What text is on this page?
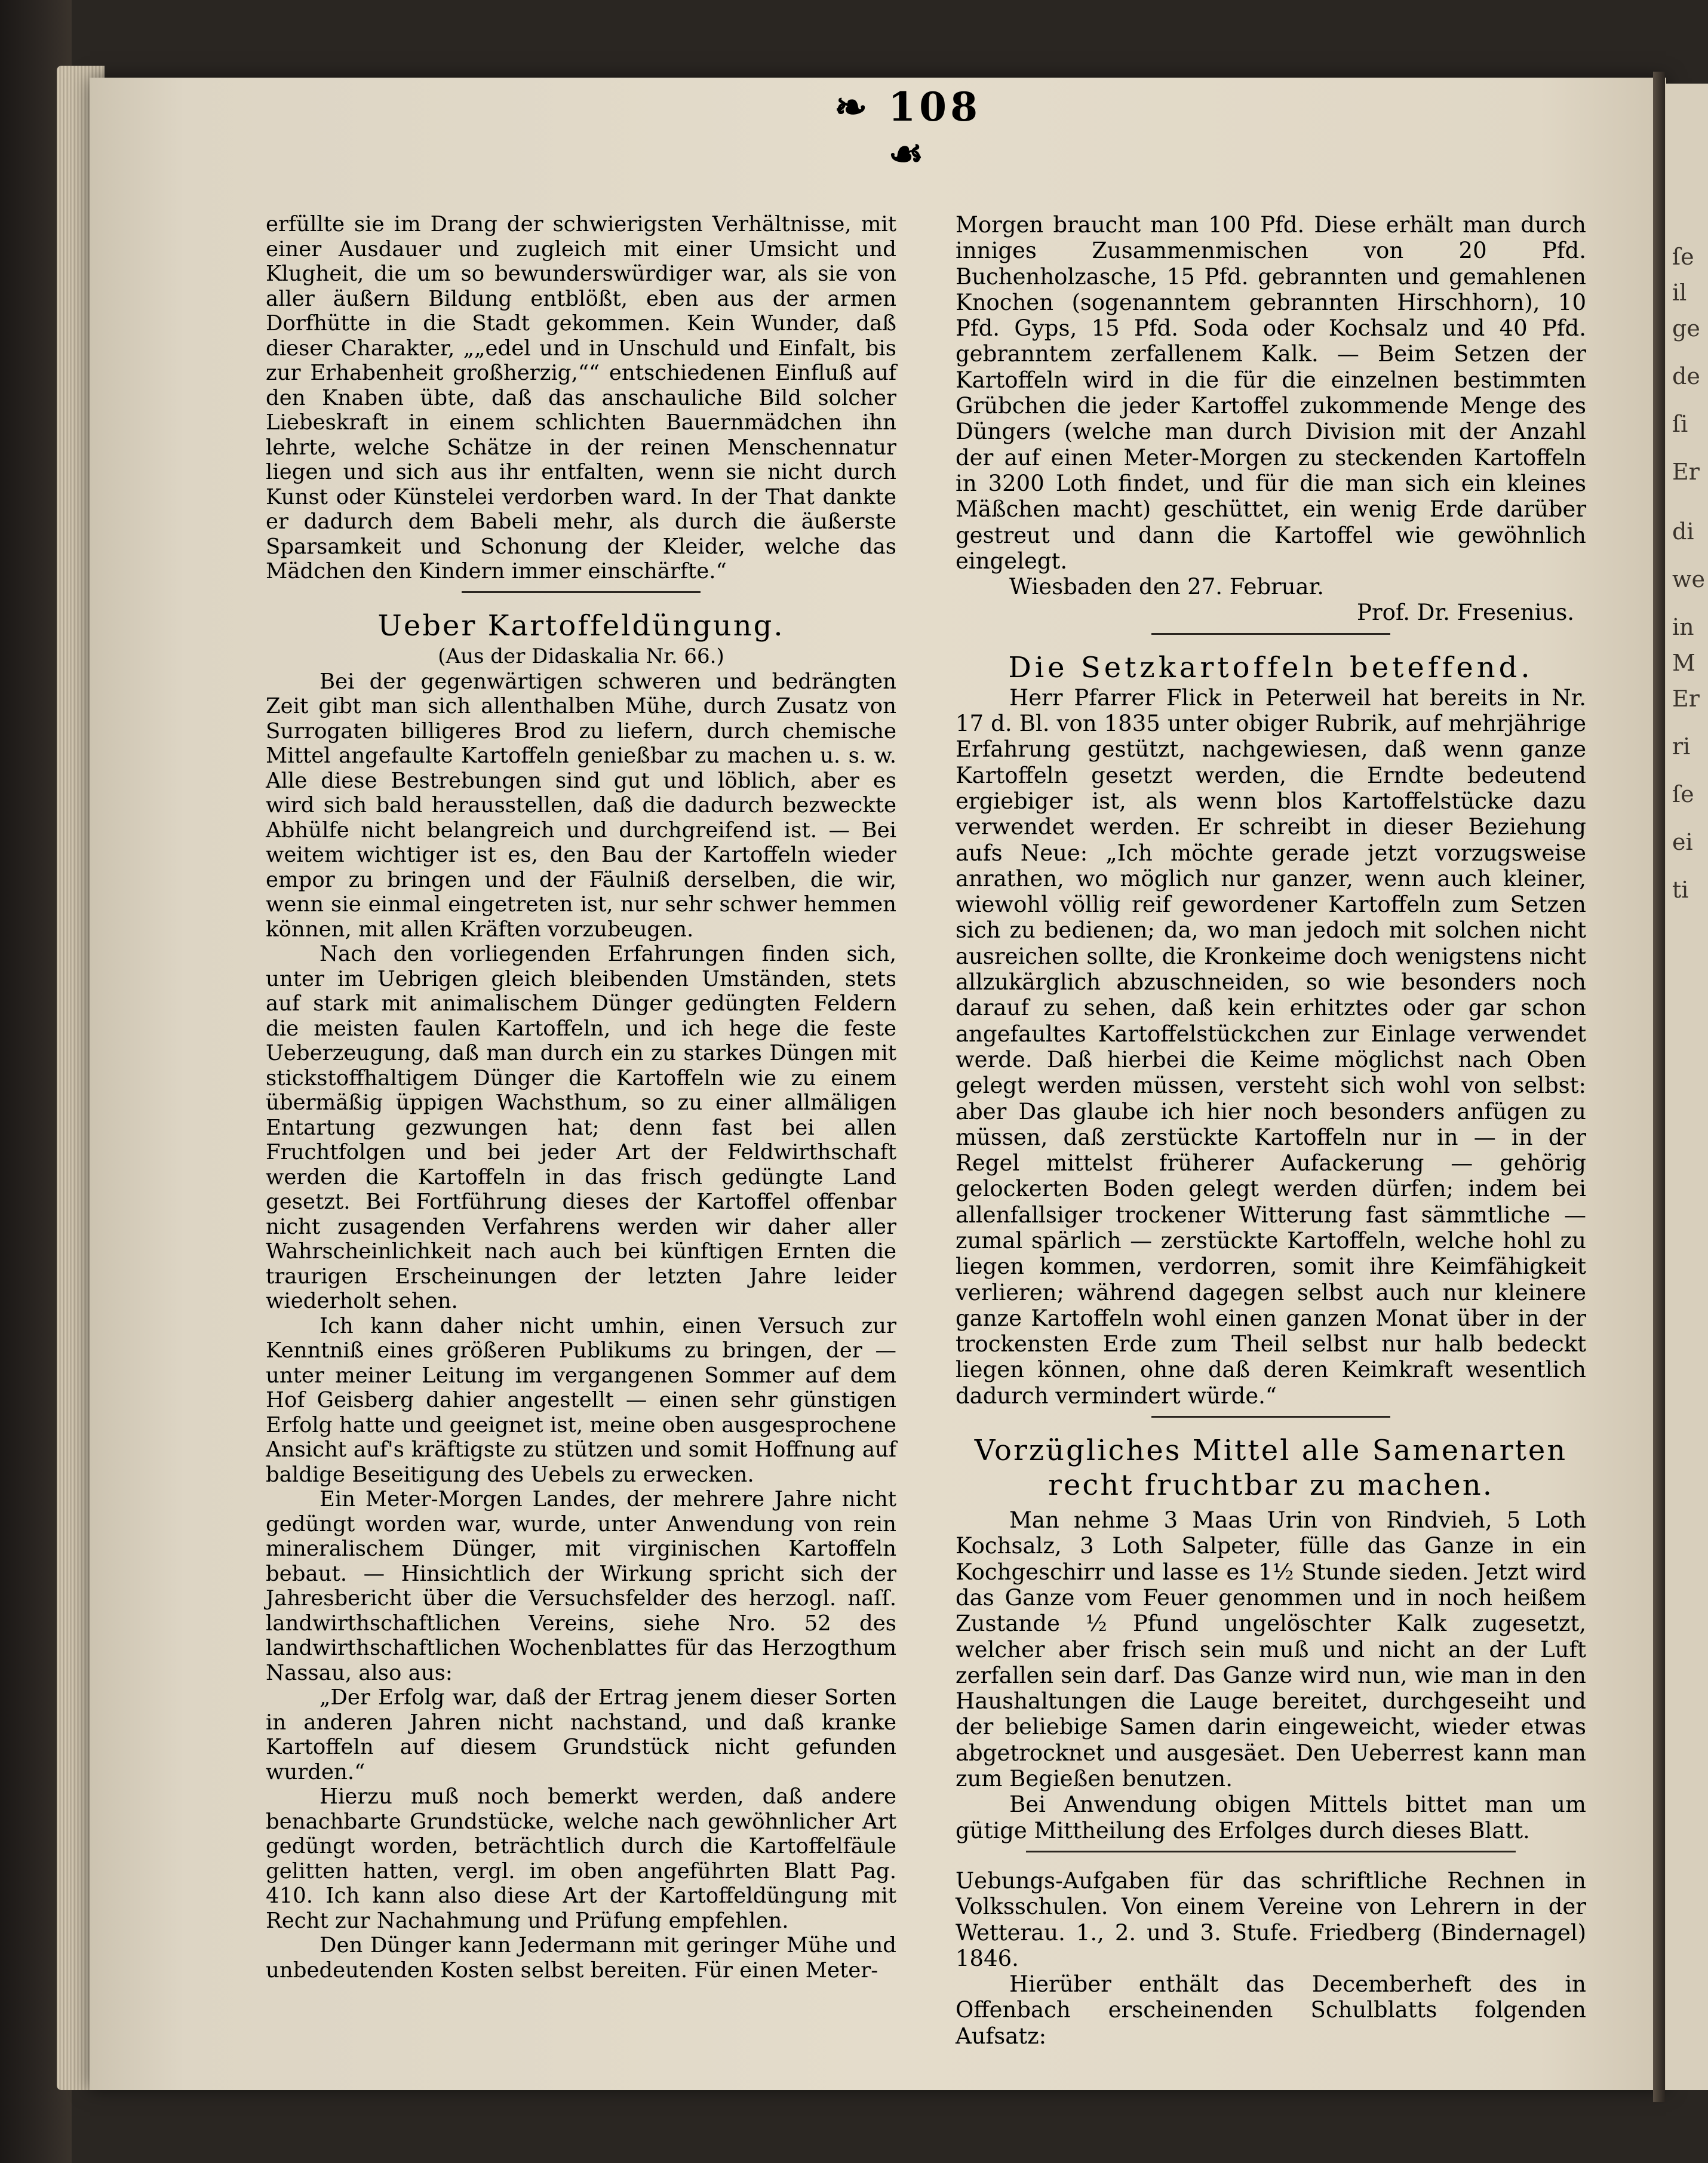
ſe
il
ge
de
ſi
Er
di
we
in
M
Er
ri
ſe
ei
ti
❧ 108 ☙

erfüllte sie im Drang der schwierigsten Verhältnisse, mit einer Ausdauer und zugleich mit einer Umsicht und Klugheit, die um so bewunderswürdiger war, als sie von aller äußern Bildung entblößt, eben aus der armen Dorfhütte in die Stadt gekommen. Kein Wunder, daß dieser Charakter, „„edel und in Unschuld und Einfalt, bis zur Erhabenheit großherzig,““ entschiedenen Einfluß auf den Knaben übte, daß das anschauliche Bild solcher Liebeskraft in einem schlichten Bauernmädchen ihn lehrte, welche Schätze in der reinen Menschennatur liegen und sich aus ihr entfalten, wenn sie nicht durch Kunst oder Künstelei verdorben ward. In der That dankte er dadurch dem Babeli mehr, als durch die äußerste Sparsamkeit und Schonung der Kleider, welche das Mädchen den Kindern immer einschärfte.“

Ueber Kartoffeldüngung.

(Aus der Didaskalia Nr. 66.)

Bei der gegenwärtigen schweren und bedrängten Zeit gibt man sich allenthalben Mühe, durch Zusatz von Surrogaten billigeres Brod zu liefern, durch chemische Mittel angefaulte Kartoffeln genießbar zu machen u. s. w. Alle diese Bestrebungen sind gut und löblich, aber es wird sich bald herausstellen, daß die dadurch bezweckte Abhülfe nicht belangreich und durchgreifend ist. — Bei weitem wichtiger ist es, den Bau der Kartoffeln wieder empor zu bringen und der Fäulniß derselben, die wir, wenn sie einmal eingetreten ist, nur sehr schwer hemmen können, mit allen Kräften vorzubeugen.

Nach den vorliegenden Erfahrungen finden sich, unter im Uebrigen gleich bleibenden Umständen, stets auf stark mit animalischem Dünger gedüngten Feldern die meisten faulen Kartoffeln, und ich hege die feste Ueberzeugung, daß man durch ein zu starkes Düngen mit stickstoffhaltigem Dünger die Kartoffeln wie zu einem übermäßig üppigen Wachsthum, so zu einer allmäligen Entartung gezwungen hat; denn fast bei allen Fruchtfolgen und bei jeder Art der Feldwirthschaft werden die Kartoffeln in das frisch gedüngte Land gesetzt. Bei Fortführung dieses der Kartoffel offenbar nicht zusagenden Verfahrens werden wir daher aller Wahrscheinlichkeit nach auch bei künftigen Ernten die traurigen Erscheinungen der letzten Jahre leider wiederholt sehen.

Ich kann daher nicht umhin, einen Versuch zur Kenntniß eines größeren Publikums zu bringen, der — unter meiner Leitung im vergangenen Sommer auf dem Hof Geisberg dahier angestellt — einen sehr günstigen Erfolg hatte und geeignet ist, meine oben ausgesprochene Ansicht auf's kräftigste zu stützen und somit Hoffnung auf baldige Beseitigung des Uebels zu erwecken.

Ein Meter-Morgen Landes, der mehrere Jahre nicht gedüngt worden war, wurde, unter Anwendung von rein mineralischem Dünger, mit virginischen Kartoffeln bebaut. — Hinsichtlich der Wirkung spricht sich der Jahresbericht über die Versuchsfelder des herzogl. naſſ. landwirthschaftlichen Vereins, siehe Nro. 52 des landwirthschaftlichen Wochenblattes für das Herzogthum Nassau, also aus:

„Der Erfolg war, daß der Ertrag jenem dieser Sorten in anderen Jahren nicht nachstand, und daß kranke Kartoffeln auf diesem Grundstück nicht gefunden wurden.“

Hierzu muß noch bemerkt werden, daß andere benachbarte Grundstücke, welche nach gewöhnlicher Art gedüngt worden, beträchtlich durch die Kartoffelfäule gelitten hatten, vergl. im oben angeführten Blatt Pag. 410. Ich kann also diese Art der Kartoffeldüngung mit Recht zur Nachahmung und Prüfung empfehlen.

Den Dünger kann Jedermann mit geringer Mühe und unbedeutenden Kosten selbst bereiten. Für einen Meter-

Morgen braucht man 100 Pfd. Diese erhält man durch inniges Zusammenmischen von 20 Pfd. Buchenholzasche, 15 Pfd. gebrannten und gemahlenen Knochen (sogenanntem gebrannten Hirschhorn), 10 Pfd. Gyps, 15 Pfd. Soda oder Kochsalz und 40 Pfd. gebranntem zerfallenem Kalk. — Beim Setzen der Kartoffeln wird in die für die einzelnen bestimmten Grübchen die jeder Kartoffel zukommende Menge des Düngers (welche man durch Division mit der Anzahl der auf einen Meter-Morgen zu steckenden Kartoffeln in 3200 Loth findet, und für die man sich ein kleines Mäßchen macht) geschüttet, ein wenig Erde darüber gestreut und dann die Kartoffel wie gewöhnlich eingelegt.

Wiesbaden den 27. Februar.

Prof. Dr. Fresenius.

Die Setzkartoffeln beteffend.

Herr Pfarrer Flick in Peterweil hat bereits in Nr. 17 d. Bl. von 1835 unter obiger Rubrik, auf mehrjährige Erfahrung gestützt, nachgewiesen, daß wenn ganze Kartoffeln gesetzt werden, die Erndte bedeutend ergiebiger ist, als wenn blos Kartoffelstücke dazu verwendet werden. Er schreibt in dieser Beziehung aufs Neue: „Ich möchte gerade jetzt vorzugsweise anrathen, wo möglich nur ganzer, wenn auch kleiner, wiewohl völlig reif gewordener Kartoffeln zum Setzen sich zu bedienen; da, wo man jedoch mit solchen nicht ausreichen sollte, die Kronkeime doch wenigstens nicht allzukärglich abzuschneiden, so wie besonders noch darauf zu sehen, daß kein erhitztes oder gar schon angefaultes Kartoffelstückchen zur Einlage verwendet werde. Daß hierbei die Keime möglichst nach Oben gelegt werden müssen, versteht sich wohl von selbst: aber Das glaube ich hier noch besonders anfügen zu müssen, daß zerstückte Kartoffeln nur in — in der Regel mittelst früherer Aufackerung — gehörig gelockerten Boden gelegt werden dürfen; indem bei allenfallsiger trockener Witterung fast sämmtliche — zumal spärlich — zerstückte Kartoffeln, welche hohl zu liegen kommen, verdorren, somit ihre Keimfähigkeit verlieren; während dagegen selbst auch nur kleinere ganze Kartoffeln wohl einen ganzen Monat über in der trockensten Erde zum Theil selbst nur halb bedeckt liegen können, ohne daß deren Keimkraft wesentlich dadurch vermindert würde.“

Vorzügliches Mittel alle Samenarten recht fruchtbar zu machen.

Man nehme 3 Maas Urin von Rindvieh, 5 Loth Kochsalz, 3 Loth Salpeter, fülle das Ganze in ein Kochgeschirr und lasse es 1½ Stunde sieden. Jetzt wird das Ganze vom Feuer genommen und in noch heißem Zustande ½ Pfund ungelöschter Kalk zugesetzt, welcher aber frisch sein muß und nicht an der Luft zerfallen sein darf. Das Ganze wird nun, wie man in den Haushaltungen die Lauge bereitet, durchgeseiht und der beliebige Samen darin eingeweicht, wieder etwas abgetrocknet und ausgesäet. Den Ueberrest kann man zum Begießen benutzen.

Bei Anwendung obigen Mittels bittet man um gütige Mittheilung des Erfolges durch dieses Blatt.

Uebungs-Aufgaben für das schriftliche Rechnen in Volksschulen. Von einem Vereine von Lehrern in der Wetterau. 1., 2. und 3. Stufe. Friedberg (Bindernagel) 1846.

Hierüber enthält das Decemberheft des in Offenbach erscheinenden Schulblatts folgenden Aufsatz:
